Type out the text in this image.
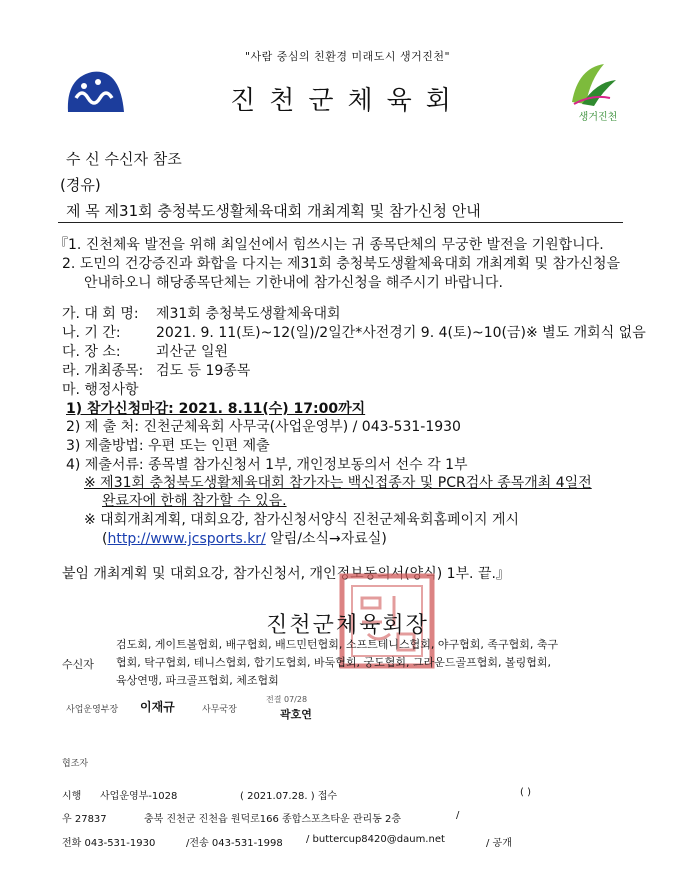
"사람 중심의 친환경 미래도시 생거진천"
진천군체육회
생거진천
수 신 수신자 참조
(경유)
제 목 제31회 충청북도생활체육대회 개최계획 및 참가신청 안내
『1. 진천체육 발전을 위해 최일선에서 힘쓰시는 귀 종목단체의 무궁한 발전을 기원합니다.
2. 도민의 건강증진과 화합을 다지는 제31회 충청북도생활체육대회 개최계획 및 참가신청을
안내하오니 해당종목단체는 기한내에 참가신청을 해주시기 바랍니다.
가. 대 회 명: 제31회 충청북도생활체육대회
나. 기 간:	2021. 9. 11(토)~12(일)/2일간*사전경기 9. 4(토)~10(금)※ 별도 개회식 없음
다. 장 소:	괴산군 일원
라. 개최종목: 검도 등 19종목
마. 행정사항
1) 참가신청마감: 2021. 8.11(수) 17:00까지
2) 제 출 처: 진천군체육회 사무국(사업운영부) / 043-531-1930
3) 제출방법: 우편 또는 인편 제출
4) 제출서류: 종목별 참가신청서 1부, 개인정보동의서 선수 각 1부
※ 제31회 충청북도생활체육대회 참가자는 백신접종자 및 PCR검사 종목개최 4일전
완료자에 한해 참가할 수 있음.
※ 대회개최계획, 대회요강, 참가신청서양식 진천군체육회홈페이지 게시
(http://www.jcsports.kr/ 알림/소식→자료실)
붙임 개최계획 및 대회요강, 참가신청서, 개인정보동의서(양식) 1부. 끝.』
진천군체육회장
수신자
검도회, 게이트볼협회, 배구협회, 배드민턴협회, 소프트테니스협회, 야구협회, 족구협회, 축구
협회, 탁구협회, 테니스협회, 합기도협회, 바둑협회, 궁도협회, 그라운드골프협회, 볼링협회,
육상연맹, 파크골프협회, 체조협회
사업운영부장 이재규	사무국장
전결 07/28
곽호연
협조자
시행 사업운영부-1028	( 2021.07.28. ) 접수	( )
우 27837	충북 진천군 진천읍 원덕로166 종합스포츠타운 관리동 2층	/
전화 043-531-1930	/전송 043-531-1998 / buttercup8420@daum.net	/ 공개
